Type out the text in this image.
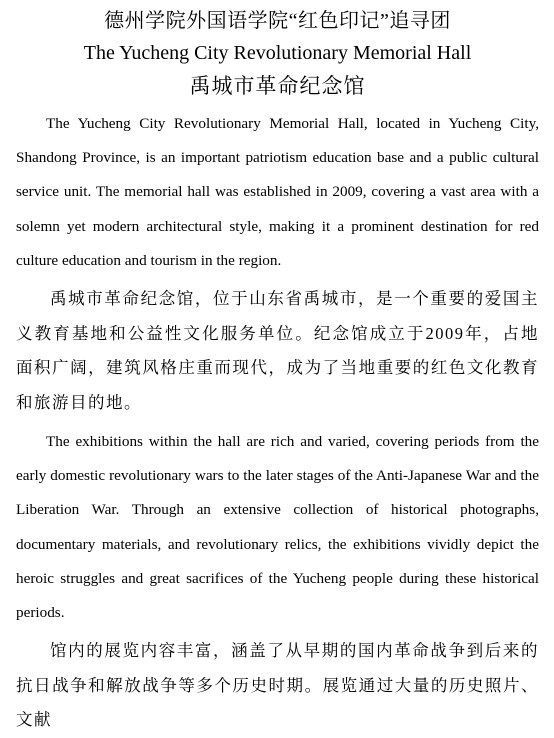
德州学院外国语学院“红色印记”追寻团
The Yucheng City Revolutionary Memorial Hall
禹城市革命纪念馆

The Yucheng City Revolutionary Memorial Hall, located in Yucheng City, Shandong Province, is an important patriotism education base and a public cultural service unit. The memorial hall was established in 2009, covering a vast area with a solemn yet modern architectural style, making it a prominent destination for red culture education and tourism in the region.

禹城市革命纪念馆，位于山东省禹城市，是一个重要的爱国主义教育基地和公益性文化服务单位。纪念馆成立于2009年，占地面积广阔，建筑风格庄重而现代，成为了当地重要的红色文化教育和旅游目的地。

The exhibitions within the hall are rich and varied, covering periods from the early domestic revolutionary wars to the later stages of the Anti-Japanese War and the Liberation War. Through an extensive collection of historical photographs, documentary materials, and revolutionary relics, the exhibitions vividly depict the heroic struggles and great sacrifices of the Yucheng people during these historical periods.

馆内的展览内容丰富，涵盖了从早期的国内革命战争到后来的抗日战争和解放战争等多个历史时期。展览通过大量的历史照片、文献
